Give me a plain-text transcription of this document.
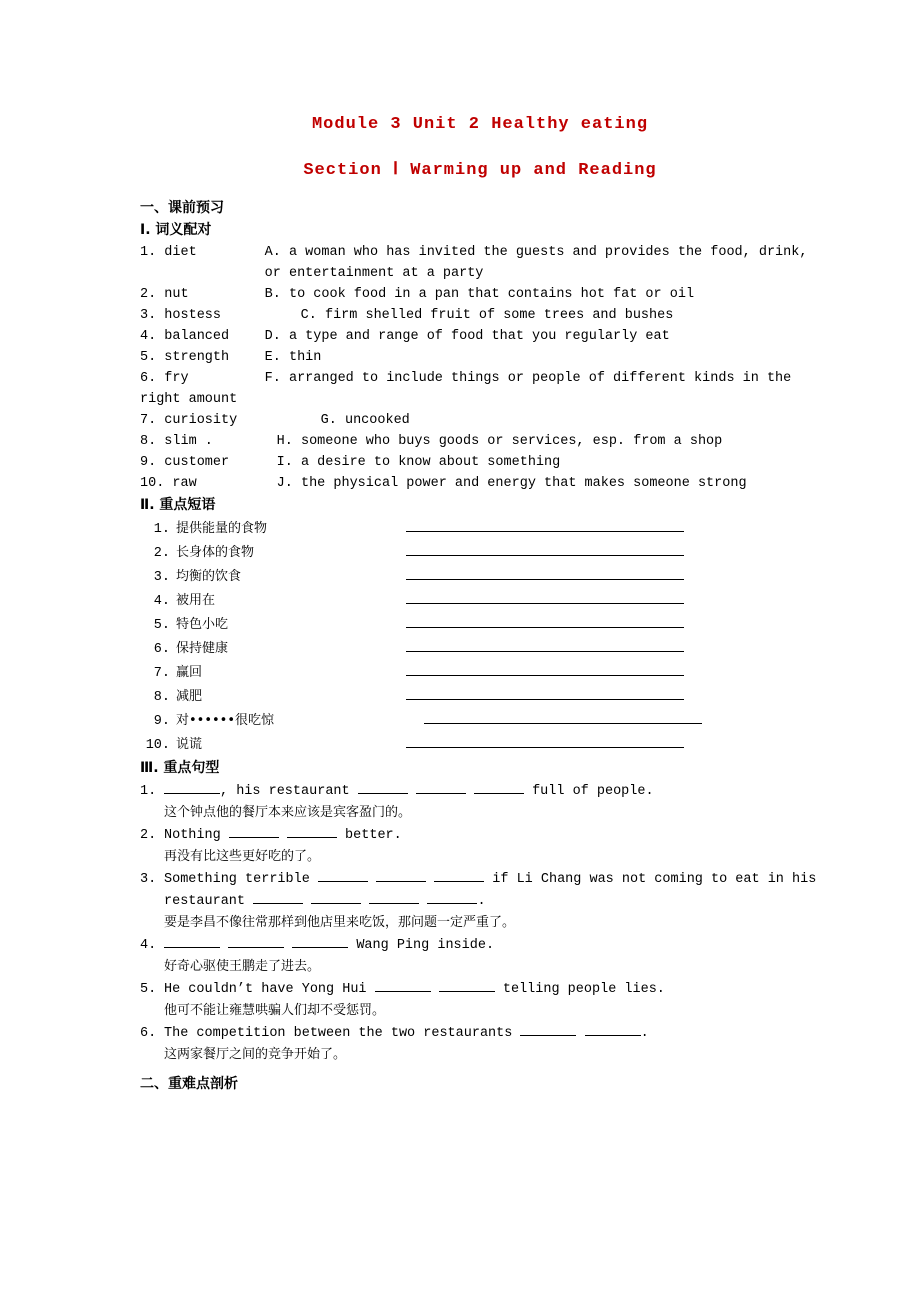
Module 3 Unit 2 Healthy eating
Section Ⅰ Warming up and Reading
一、课前预习
Ⅰ. 词义配对
1. diet	A. a woman who has invited the guests and provides the food, drink,
	or entertainment at a party
2. nut	B. to cook food in a pan that contains hot fat or oil
3. hostess	C. firm shelled fruit of some trees and bushes
4. balanced	D. a type and range of food that you regularly eat
5. strength	E. thin
6. fry	F. arranged to include things or people of different kinds in the
right amount	
7. curiosity	G. uncooked
8. slim .	H. someone who buys goods or services, esp. from a shop
9. customer	I. a desire to know about something
10. raw	J. the physical power and energy that makes someone strong
Ⅱ. 重点短语
1. 提供能量的食物
2. 长身体的食物
3. 均衡的饮食
4. 被用在
5. 特色小吃
6. 保持健康
7. 赢回
8. 减肥
9. 对••••••很吃惊
10. 说谎
Ⅲ. 重点句型
1.	, his restaurant	full of people.
这个钟点他的餐厅本来应该是宾客盈门的。
2. Nothing	better.
再没有比这些更好吃的了。
3. Something terrible	if Li Chang was not coming to eat in his
restaurant	.
要是李昌不像往常那样到他店里来吃饭，那问题一定严重了。
4.	Wang Ping inside.
好奇心驱使王鹏走了进去。
5. He couldn’t have Yong Hui	telling people lies.
他可不能让雍慧哄骗人们却不受惩罚。
6. The competition between the two restaurants	.
这两家餐厅之间的竞争开始了。
二、重难点剖析
